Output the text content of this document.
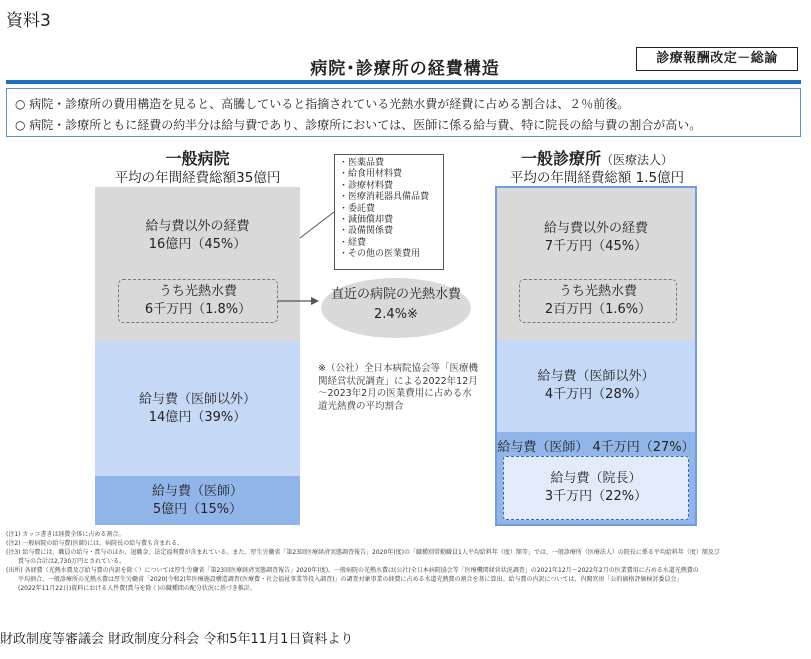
資料3
病院･診療所の経費構造
診療報酬改定－総論
○ 病院・診療所の費用構造を見ると、高騰していると指摘されている光熱水費が経費に占める割合は、２％前後。
○ 病院・診療所ともに経費の約半分は給与費であり、診療所においては、医師に係る給与費、特に院長の給与費の割合が高い。
一般病院
平均の年間経費総額35億円
給与費以外の経費
16億円（45%）
うち光熱水費
6千万円（1.8%）
給与費（医師以外）
14億円（39%）
給与費（医師）
5億円（15%）
・医薬品費
・給食用材料費
・診療材料費
・医療消耗器具備品費
・委託費
・減価償却費
・設備関係費
・経費
・その他の医業費用
直近の病院の光熱水費
2.4%※
※（公社）全日本病院協会等「医療機関経営状況調査」による2022年12月～2023年2月の医業費用に占める水道光熱費の平均割合
一般診療所（医療法人）
平均の年間経費総額 1.5億円
給与費以外の経費
7千万円（45%）
うち光熱水費
2百万円（1.6%）
給与費（医師以外）
4千万円（28%）
給与費（医師） 4千万円（27%）
給与費（院長）
3千万円（22%）
(注1) カッコ書きは経費全体に占める割合。
(注2) 一般病院の給与費(医師)には、病院長の給与費も含まれる。
(注3) 給与費には、職員の給与・賞与のほか、退職金、法定福利費が含まれている。また、厚生労働省「第23回医療経済実態調査報告」2020年(度)の「職種別常勤職員1人平均給料年（度）額等」では、一般診療所（医療法人）の院長に係る平均給料年（度）額及び
　　賞与の合計は2,730万円とされている。
(出所) 各経費（光熱水費及び給与費の内訳を除く）については厚生労働省「第23回医療経済実態調査報告」2020年(度)。一般病院の光熱水費は(公社)全日本病院協会等「医療機関経営状況調査」の2021年12月～2022年2月の医業費用に占める水道光熱費の
　　平均割合、一般診療所の光熱水費は厚生労働省「2020(令和2)年医療施設構造調査(医療費・社会福祉事業等投入調査)」の調査対象事業の経費に占める水道光熱費の割合を基に算出。給与費の内訳については、内閣官房「公的価格評価検討委員会」
　　(2022年11月22日)資料における人件費(賞与を除く)の職種間の配分状況に基づき推計。
財政制度等審議会 財政制度分科会 令和5年11月1日資料より
